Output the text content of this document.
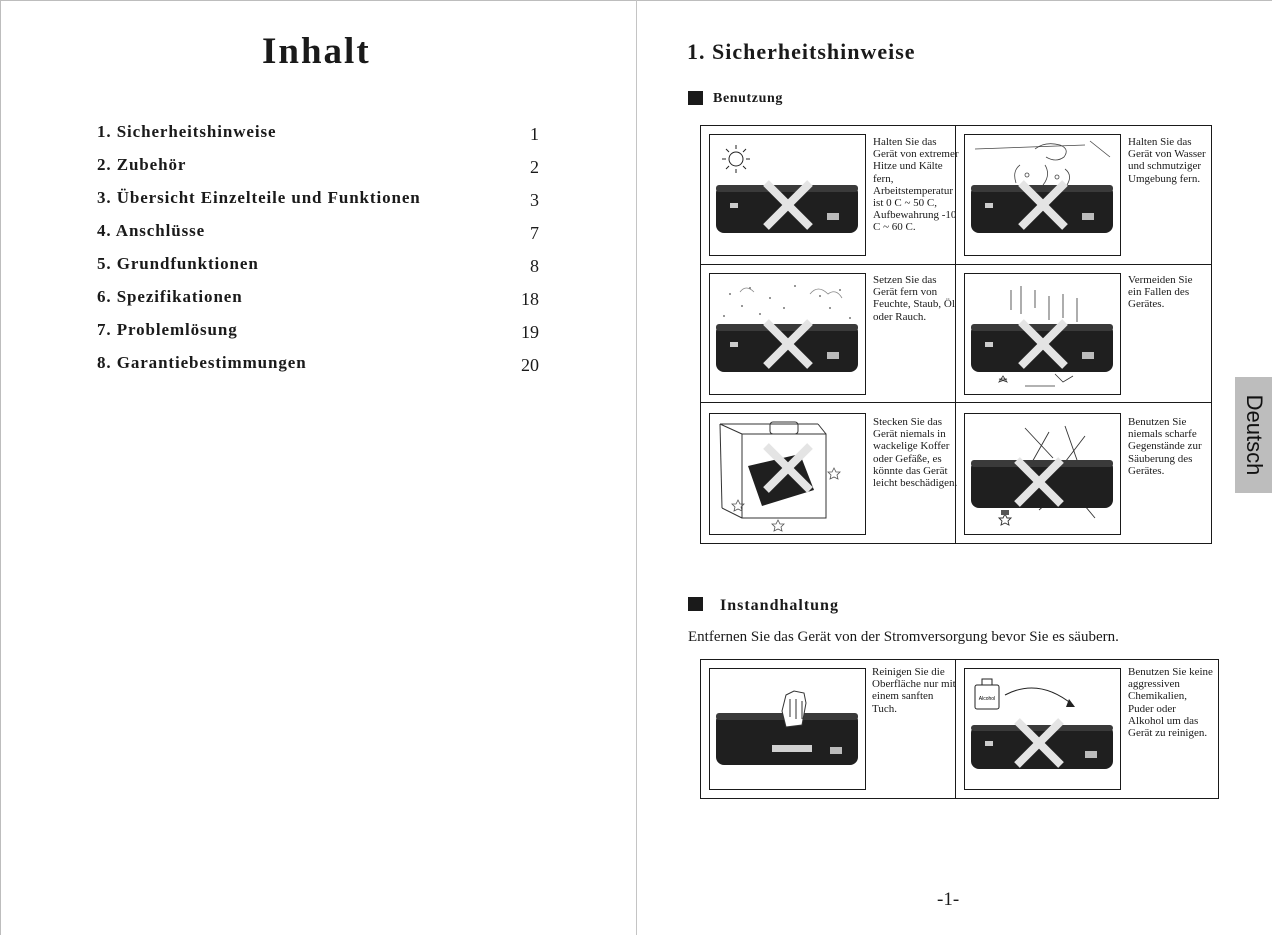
Inhalt
1. Sicherheitshinweise	1
2. Zubehör	2
3. Übersicht Einzelteile und Funktionen	3
4. Anschlüsse	7
5. Grundfunktionen	8
6. Spezifikationen	18
7. Problemlösung	19
8. Garantiebestimmungen	20
1. Sicherheitshinweise
Benutzung
Halten Sie das Gerät von extremer Hitze und Kälte fern, Arbeitstemperatur ist 0 C ~ 50 C, Aufbewahrung -10 C ~ 60 C.
Halten Sie das Gerät von Wasser und schmutziger Umgebung fern.
Setzen Sie das Gerät fern von Feuchte, Staub, Öl oder Rauch.
Vermeiden Sie ein Fallen des Gerätes.
Stecken Sie das Gerät niemals in wackelige Koffer oder Gefäße, es könnte das Gerät leicht beschädigen.
Benutzen Sie niemals scharfe Gegenstände zur Säuberung des Gerätes.
Instandhaltung
Entfernen Sie das Gerät von der Stromversorgung bevor Sie es säubern.
Reinigen Sie die Oberfläche nur mit einem sanften Tuch.
Alcohol
Benutzen Sie keine aggressiven Chemikalien, Puder oder Alkohol um das Gerät zu reinigen.
Deutsch
-1-
